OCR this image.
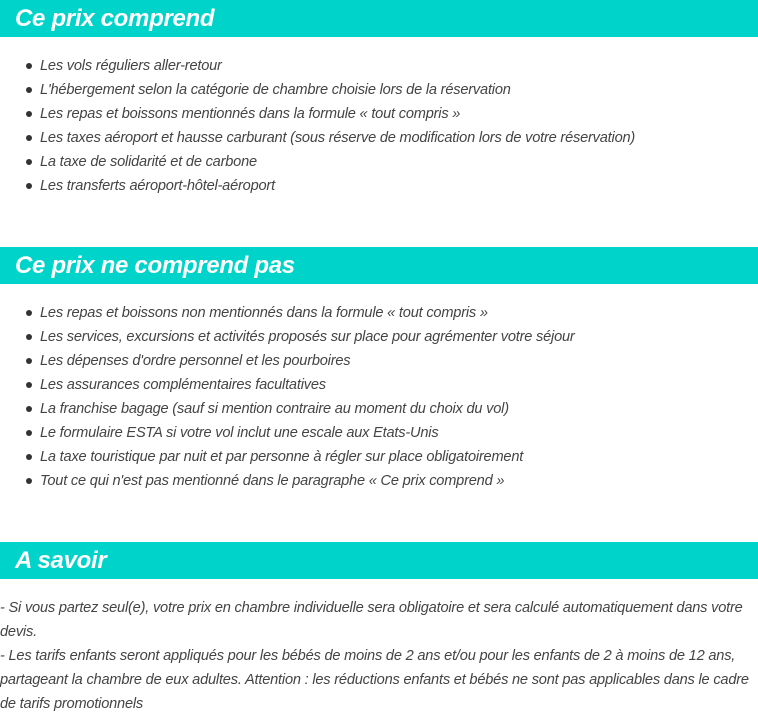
Ce prix comprend
Les vols réguliers aller-retour
L'hébergement selon la catégorie de chambre choisie lors de la réservation
Les repas et boissons mentionnés dans la formule « tout compris »
Les taxes aéroport et hausse carburant (sous réserve de modification lors de votre réservation)
La taxe de solidarité et de carbone
Les transferts aéroport-hôtel-aéroport
Ce prix ne comprend pas
Les repas et boissons non mentionnés dans la formule « tout compris »
Les services, excursions et activités proposés sur place pour agrémenter votre séjour
Les dépenses d'ordre personnel et les pourboires
Les assurances complémentaires facultatives
La franchise bagage (sauf si mention contraire au moment du choix du vol)
Le formulaire ESTA si votre vol inclut une escale aux Etats-Unis
La taxe touristique par nuit et par personne à régler sur place obligatoirement
Tout ce qui n'est pas mentionné dans le paragraphe « Ce prix comprend »
A savoir

- Si vous partez seul(e), votre prix en chambre individuelle sera obligatoire et sera calculé automatiquement dans votre devis.

- Les tarifs enfants seront appliqués pour les bébés de moins de 2 ans et/ou pour les enfants de 2 à moins de 12 ans, partageant la chambre de eux adultes. Attention : les réductions enfants et bébés ne sont pas applicables dans le cadre de tarifs promotionnels
